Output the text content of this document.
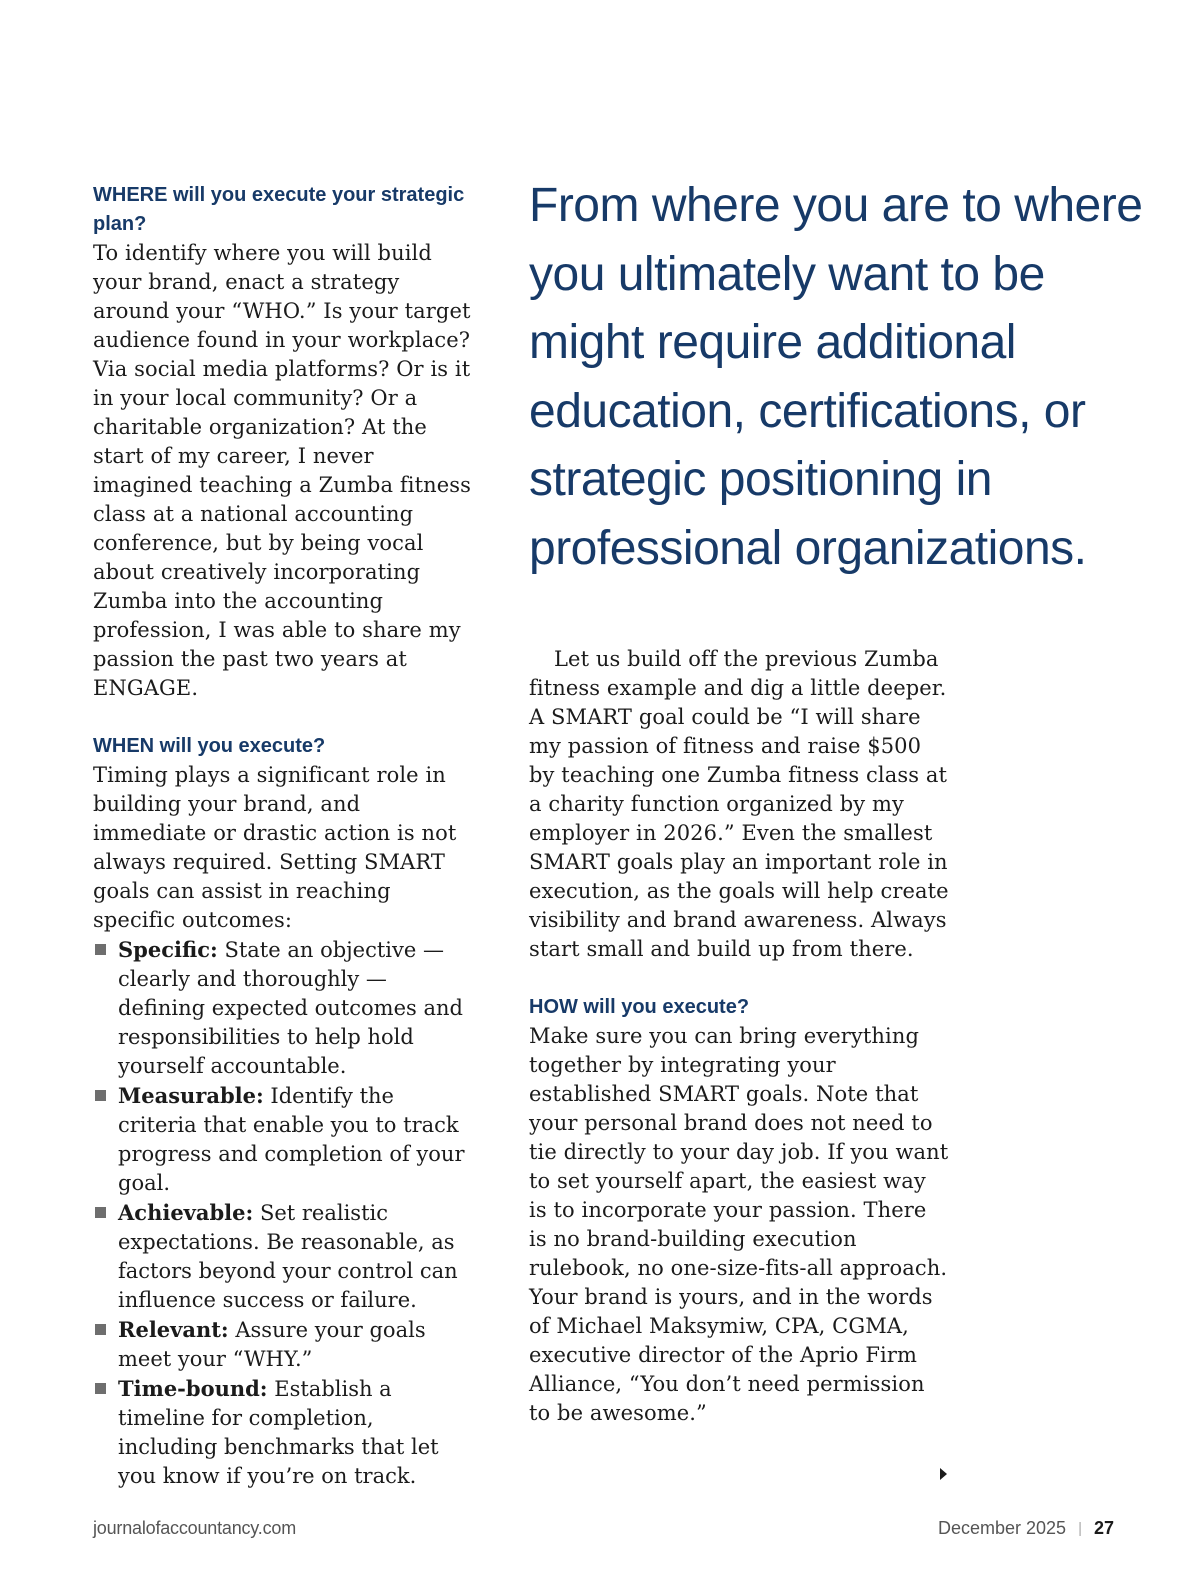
WHERE will you execute your strategic plan?

To identify where you will build your brand, enact a strategy around your “WHO.” Is your target audience found in your workplace? Via social media platforms? Or is it in your local community? Or a charitable organization? At the start of my career, I never imagined teaching a Zumba fitness class at a national accounting conference, but by being vocal about creatively incorporating Zumba into the accounting profession, I was able to share my passion the past two years at ENGAGE.

WHEN will you execute?

Timing plays a significant role in building your brand, and immediate or drastic action is not always required. Setting SMART goals can assist in reaching specific outcomes:

Specific: State an objective — clearly and thoroughly — defining expected outcomes and responsibilities to help hold yourself accountable.
Measurable: Identify the criteria that enable you to track progress and completion of your goal.
Achievable: Set realistic expectations. Be reasonable, as factors beyond your control can influence success or failure.
Relevant: Assure your goals meet your “WHY.”
Time-bound: Establish a timeline for completion, including benchmarks that let you know if you’re on track.
From where you are to where you ultimately want to be might require additional education, certifications, or strategic positioning in professional organizations.

Let us build off the previous Zumba fitness example and dig a little deeper. A SMART goal could be “I will share my passion of fitness and raise $500 by teaching one Zumba fitness class at a charity function organized by my employer in 2026.” Even the smallest SMART goals play an important role in execution, as the goals will help create visibility and brand awareness. Always start small and build up from there.

HOW will you execute?

Make sure you can bring everything together by integrating your established SMART goals. Note that your personal brand does not need to tie directly to your day job. If you want to set yourself apart, the easiest way is to incorporate your passion. There is no brand-building execution rulebook, no one-size-fits-all approach. Your brand is yours, and in the words of Michael Maksymiw, CPA, CGMA, executive director of the Aprio Firm Alliance, “You don’t need permission to be awesome.”

journalofaccountancy.com	December 2025 | 27
